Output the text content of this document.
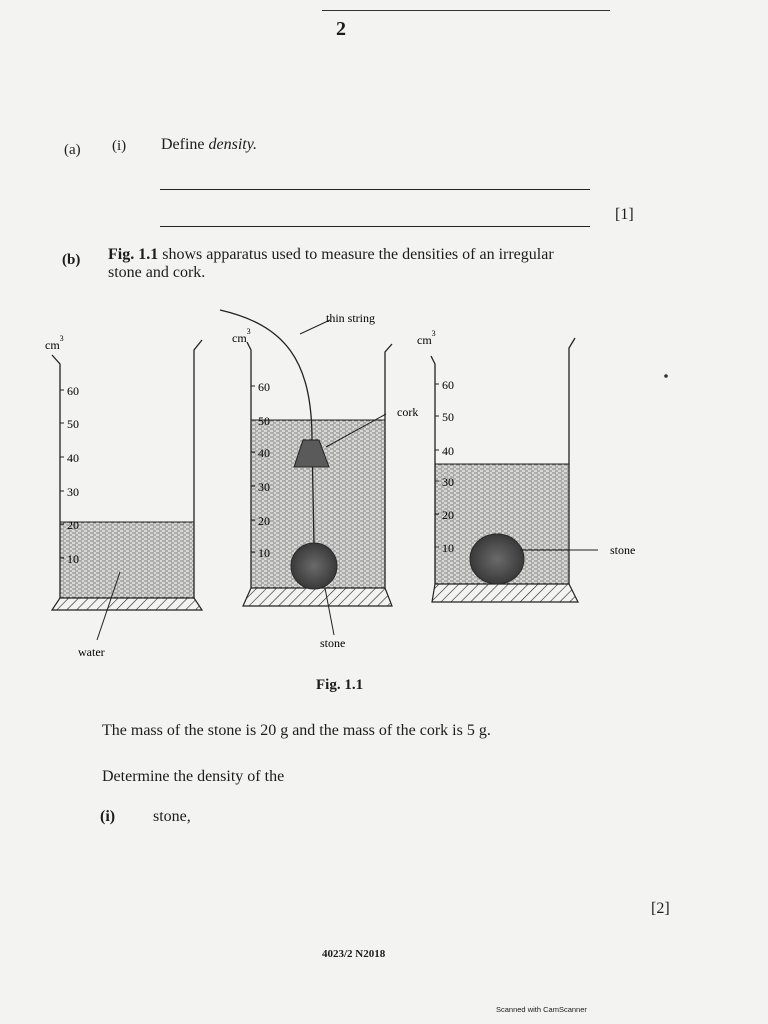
2
(a) (i) Define density.
[1]
(b) Fig. 1.1 shows apparatus used to measure the densities of an irregular
stone and cork.
$cm^3$	$cm^3$
$cm^3$
60
50
40
30
20
10
60
50
40
30
20
10
60
50
40
30
20
10
thin string
cork
stone
stone
water
Fig. 1.1
The mass of the stone is 20 g and the mass of the cork is 5 g.
Determine the density of the
(i) stone,
[2]
4023/2 N2018
Scanned with CamScanner
